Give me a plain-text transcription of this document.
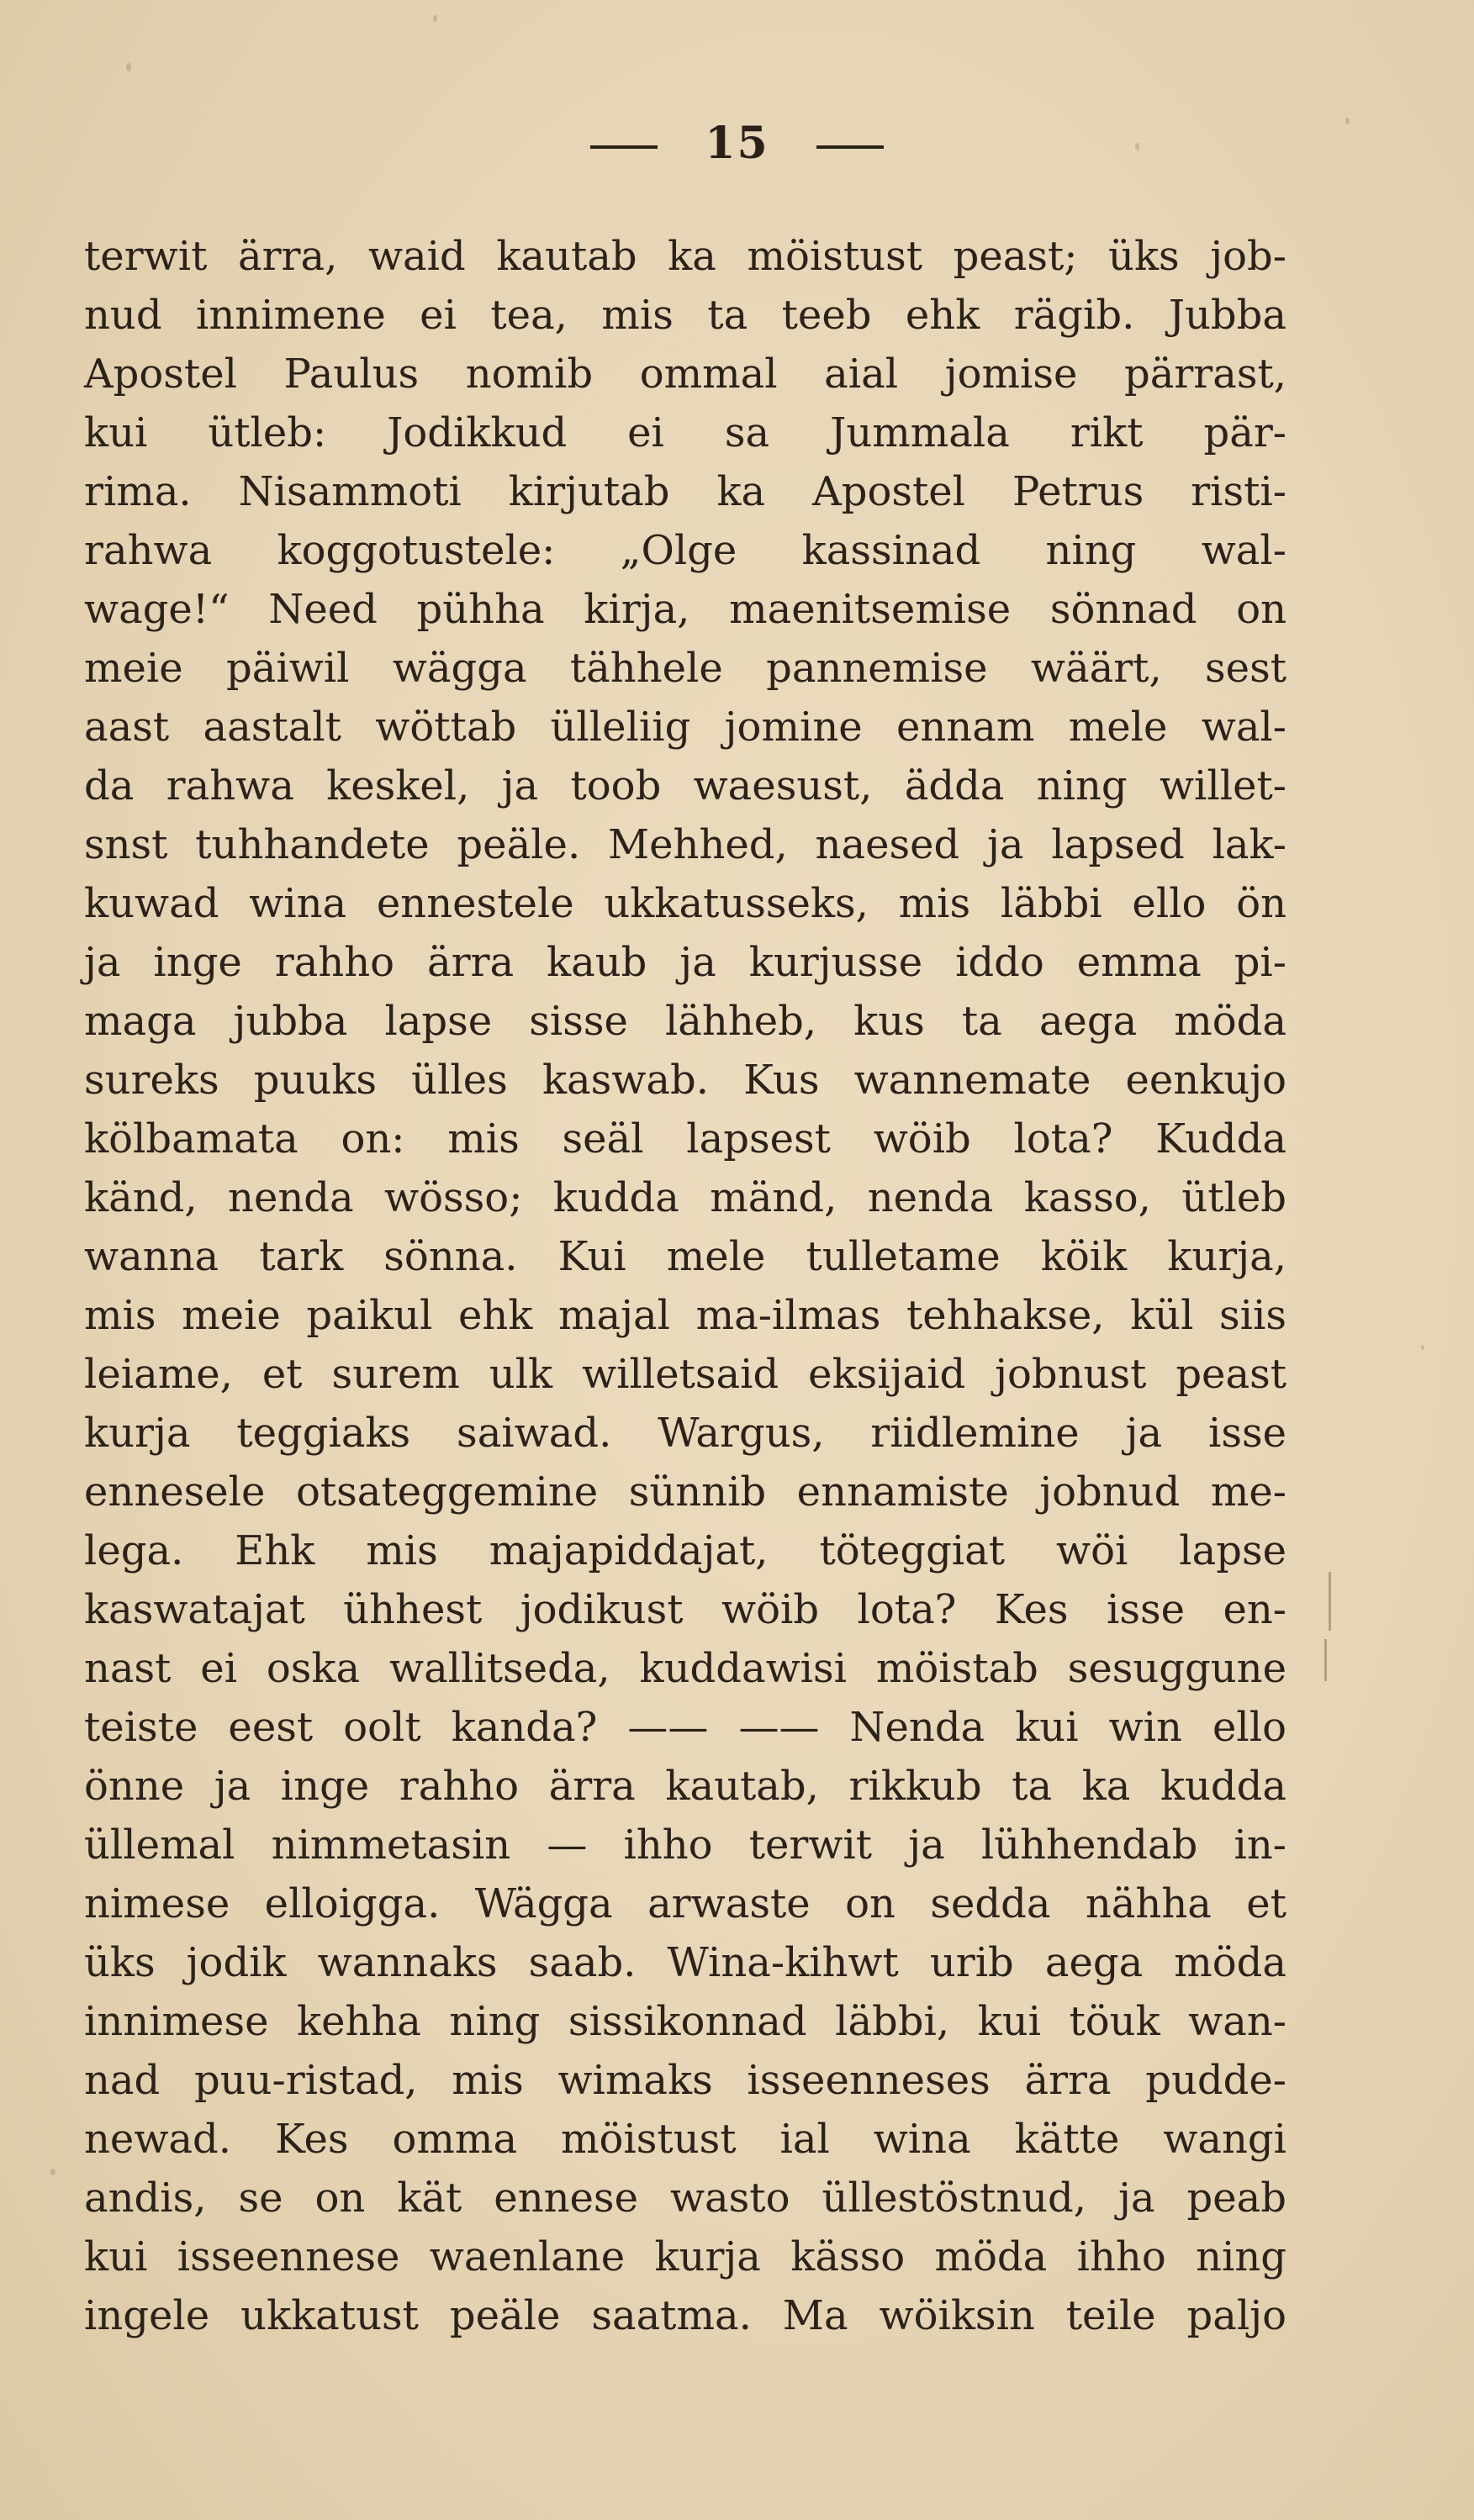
15
terwit ärra, waid kautab ka möistust peast; üks job-
nud innimene ei tea, mis ta teeb ehk rägib. Jubba
Apostel Paulus nomib ommal aial jomise pärrast,
kui ütleb: Jodikkud ei sa Jummala rikt pär-
rima. Nisammoti kirjutab ka Apostel Petrus risti-
rahwa koggotustele: „Olge kassinad ning wal-
wage!“ Need pühha kirja, maenitsemise sönnad on
meie päiwil wägga tähhele pannemise wäärt, sest
aast aastalt wöttab ülleliig jomine ennam mele wal-
da rahwa keskel, ja toob waesust, ädda ning willet-
snst tuhhandete peäle. Mehhed, naesed ja lapsed lak-
kuwad wina ennestele ukkatusseks, mis läbbi ello ön
ja inge rahho ärra kaub ja kurjusse iddo emma pi-
maga jubba lapse sisse lähheb, kus ta aega möda
sureks puuks ülles kaswab. Kus wannemate eenkujo
kölbamata on: mis seäl lapsest wöib lota? Kudda
känd, nenda wösso; kudda mänd, nenda kasso, ütleb
wanna tark sönna. Kui mele tulletame köik kurja,
mis meie paikul ehk majal ma-ilmas tehhakse, kül siis
leiame, et surem ulk willetsaid eksijaid jobnust peast
kurja teggiaks saiwad. Wargus, riidlemine ja isse
ennesele otsateggemine sünnib ennamiste jobnud me-
lega. Ehk mis majapiddajat, töteggiat wöi lapse
kaswatajat ühhest jodikust wöib lota? Kes isse en-
nast ei oska wallitseda, kuddawisi möistab sesuggune
teiste eest oolt kanda? —— —— Nenda kui win ello
önne ja inge rahho ärra kautab, rikkub ta ka kudda
üllemal nimmetasin — ihho terwit ja lühhendab in-
nimese elloigga. Wägga arwaste on sedda nähha et
üks jodik wannaks saab. Wina-kihwt urib aega möda
innimese kehha ning sissikonnad läbbi, kui töuk wan-
nad puu-ristad, mis wimaks isseenneses ärra pudde-
newad. Kes omma möistust ial wina kätte wangi
andis, se on kät ennese wasto üllestöstnud, ja peab
kui isseennese waenlane kurja kässo möda ihho ning
ingele ukkatust peäle saatma. Ma wöiksin teile paljo
